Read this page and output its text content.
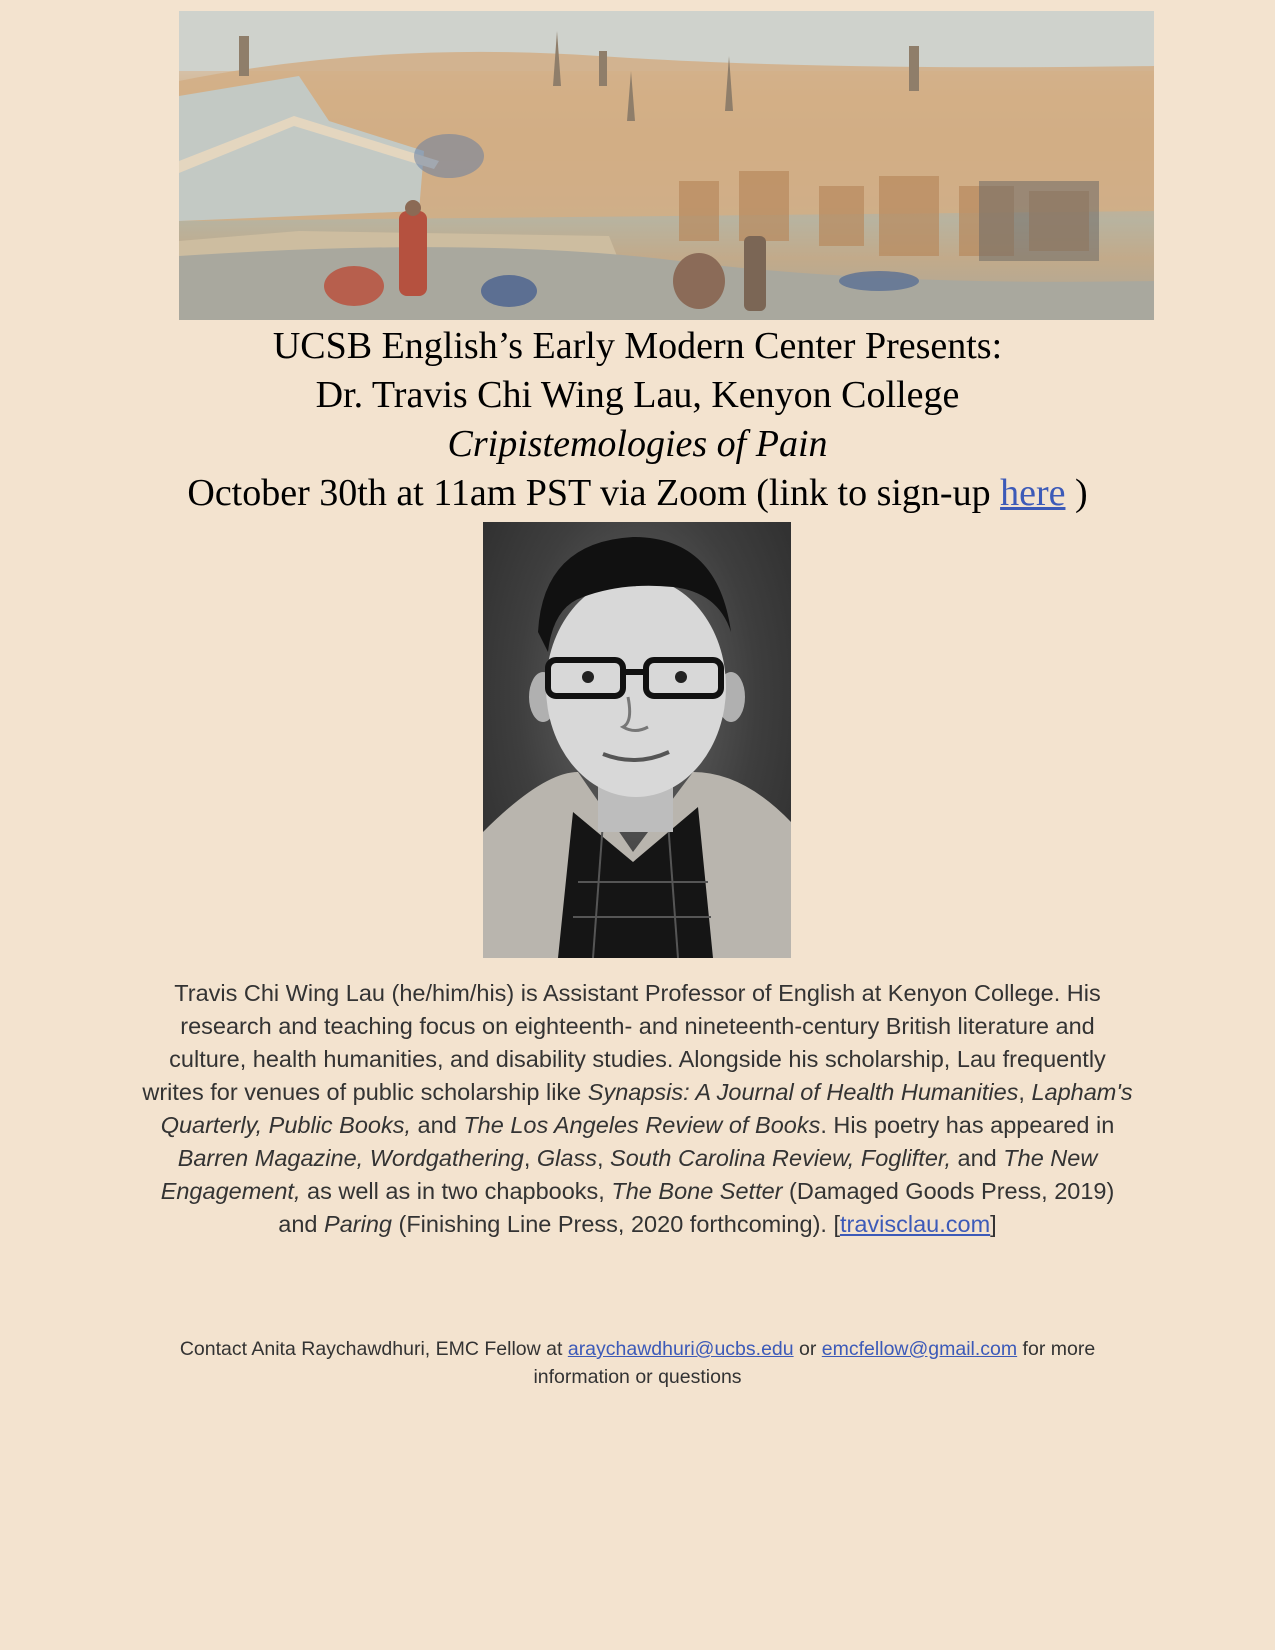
UCSB English’s Early Modern Center Presents:
Dr. Travis Chi Wing Lau, Kenyon College
Cripistemologies of Pain
October 30th at 11am PST via Zoom (link to sign-up here )
Travis Chi Wing Lau (he/him/his) is Assistant Professor of English at Kenyon College. His research and teaching focus on eighteenth- and nineteenth-century British literature and culture, health humanities, and disability studies. Alongside his scholarship, Lau frequently writes for venues of public scholarship like Synapsis: A Journal of Health Humanities, Lapham's Quarterly, Public Books, and The Los Angeles Review of Books. His poetry has appeared in Barren Magazine, Wordgathering, Glass, South Carolina Review, Foglifter, and The New Engagement, as well as in two chapbooks, The Bone Setter (Damaged Goods Press, 2019) and Paring (Finishing Line Press, 2020 forthcoming). [travisclau.com]
Contact Anita Raychawdhuri, EMC Fellow at araychawdhuri@ucbs.edu or emcfellow@gmail.com for more information or questions
